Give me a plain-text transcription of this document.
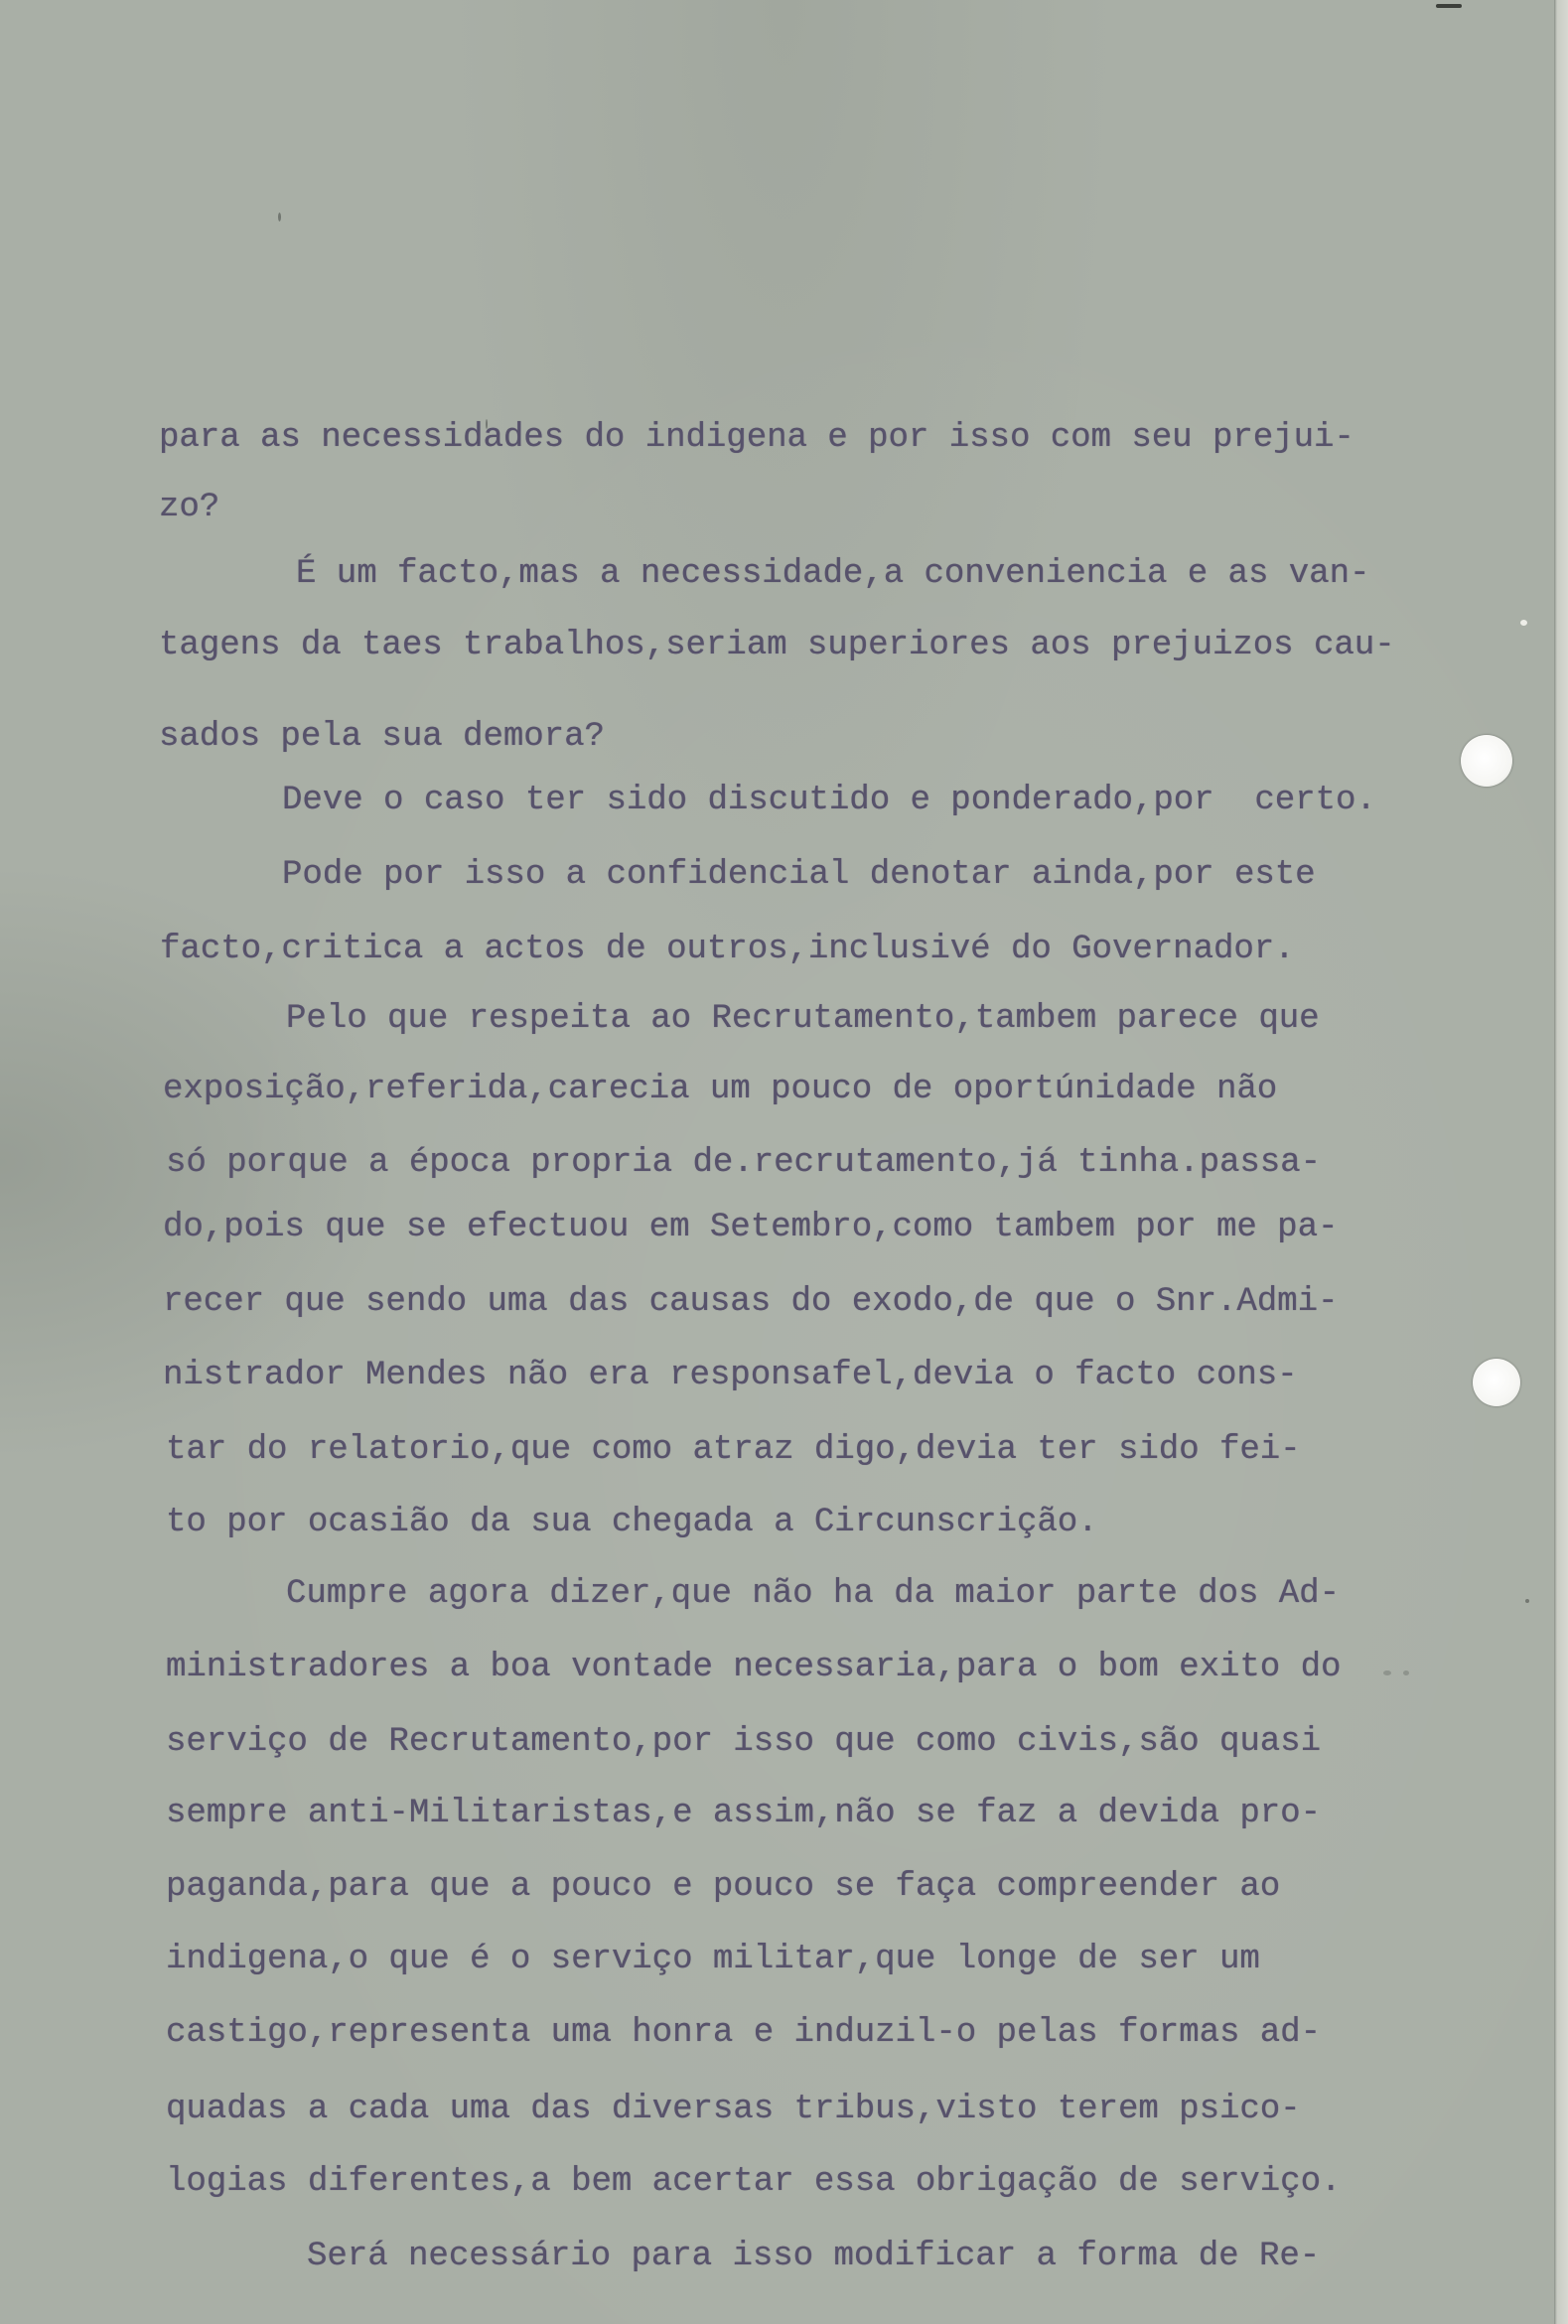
para as necessidades do indigena e por isso com seu prejui-
zo?
É um facto,mas a necessidade,a conveniencia e as van-
tagens da taes trabalhos,seriam superiores aos prejuizos cau-
sados pela sua demora?
Deve o caso ter sido discutido e ponderado,por  certo.
Pode por isso a confidencial denotar ainda,por este
facto,critica a actos de outros,inclusivé do Governador.
Pelo que respeita ao Recrutamento,tambem parece que
exposição,referida,carecia um pouco de oportúnidade não
só porque a época propria de.recrutamento,já tinha.passa-
do,pois que se efectuou em Setembro,como tambem por me pa-
recer que sendo uma das causas do exodo,de que o Snr.Admi-
nistrador Mendes não era responsafel,devia o facto cons-
tar do relatorio,que como atraz digo,devia ter sido fei-
to por ocasião da sua chegada a Circunscrição.
Cumpre agora dizer,que não ha da maior parte dos Ad-
ministradores a boa vontade necessaria,para o bom exito do
serviço de Recrutamento,por isso que como civis,são quasi
sempre anti-Militaristas,e assim,não se faz a devida pro-
paganda,para que a pouco e pouco se faça compreender ao
indigena,o que é o serviço militar,que longe de ser um
castigo,representa uma honra e induzil-o pelas formas ad-
quadas a cada uma das diversas tribus,visto terem psico-
logias diferentes,a bem acertar essa obrigação de serviço.
Será necessário para isso modificar a forma de Re-
